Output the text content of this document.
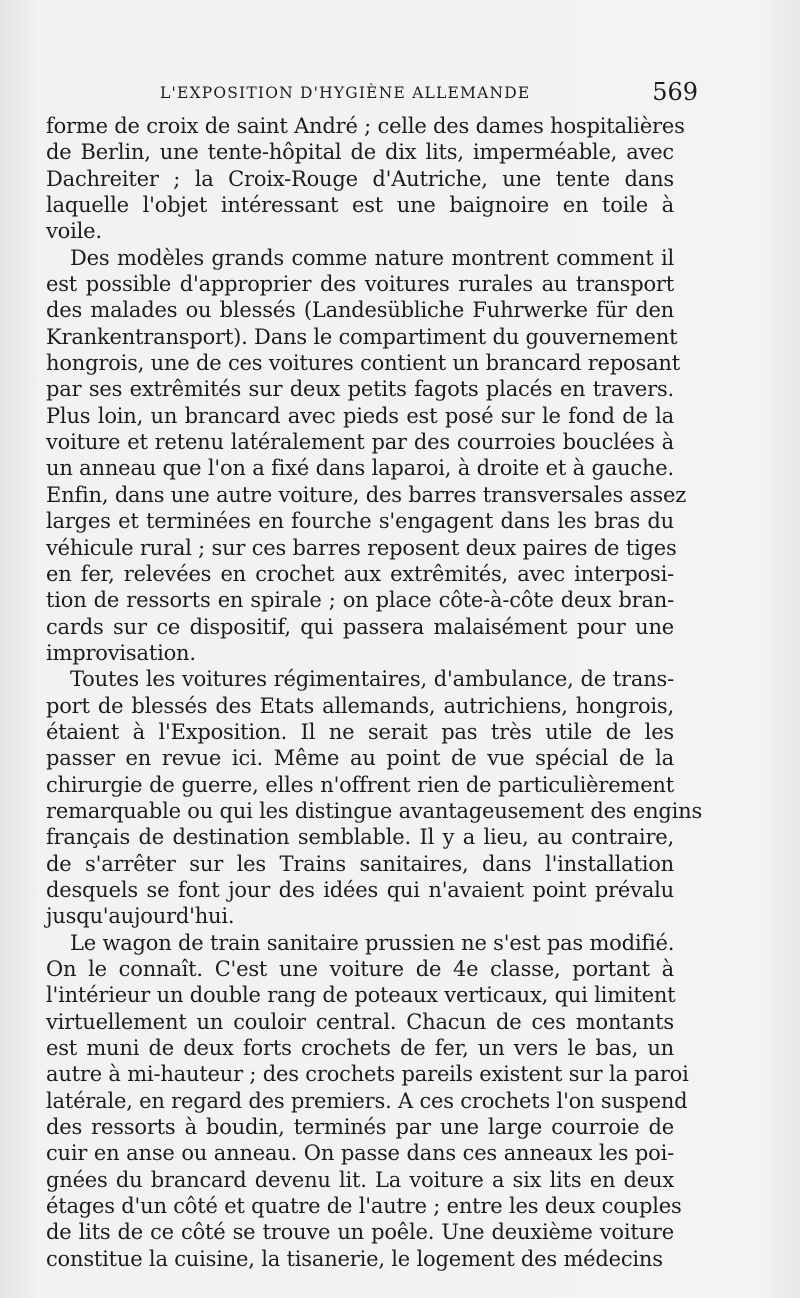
L'EXPOSITION D'HYGIÈNE ALLEMANDE	569
forme de croix de saint André ; celle des dames hospitalières
de Berlin, une tente-hôpital de dix lits, imperméable, avec
Dachreiter ; la Croix-Rouge d'Autriche, une tente dans
laquelle l'objet intéressant est une baignoire en toile à
voile.
Des modèles grands comme nature montrent comment il
est possible d'approprier des voitures rurales au transport
des malades ou blessés (Landesübliche Fuhrwerke für den
Krankentransport). Dans le compartiment du gouvernement
hongrois, une de ces voitures contient un brancard reposant
par ses extrêmités sur deux petits fagots placés en travers.
Plus loin, un brancard avec pieds est posé sur le fond de la
voiture et retenu latéralement par des courroies bouclées à
un anneau que l'on a fixé dans laparoi, à droite et à gauche.
Enfin, dans une autre voiture, des barres transversales assez
larges et terminées en fourche s'engagent dans les bras du
véhicule rural ; sur ces barres reposent deux paires de tiges
en fer, relevées en crochet aux extrêmités, avec interposi-
tion de ressorts en spirale ; on place côte-à-côte deux bran-
cards sur ce dispositif, qui passera malaisément pour une
improvisation.
Toutes les voitures régimentaires, d'ambulance, de trans-
port de blessés des Etats allemands, autrichiens, hongrois,
étaient à l'Exposition. Il ne serait pas très utile de les
passer en revue ici. Même au point de vue spécial de la
chirurgie de guerre, elles n'offrent rien de particulièrement
remarquable ou qui les distingue avantageusement des engins
français de destination semblable. Il y a lieu, au contraire,
de s'arrêter sur les Trains sanitaires, dans l'installation
desquels se font jour des idées qui n'avaient point prévalu
jusqu'aujourd'hui.
Le wagon de train sanitaire prussien ne s'est pas modifié.
On le connaît. C'est une voiture de 4e classe, portant à
l'intérieur un double rang de poteaux verticaux, qui limitent
virtuellement un couloir central. Chacun de ces montants
est muni de deux forts crochets de fer, un vers le bas, un
autre à mi-hauteur ; des crochets pareils existent sur la paroi
latérale, en regard des premiers. A ces crochets l'on suspend
des ressorts à boudin, terminés par une large courroie de
cuir en anse ou anneau. On passe dans ces anneaux les poi-
gnées du brancard devenu lit. La voiture a six lits en deux
étages d'un côté et quatre de l'autre ; entre les deux couples
de lits de ce côté se trouve un poêle. Une deuxième voiture
constitue la cuisine, la tisanerie, le logement des médecins
